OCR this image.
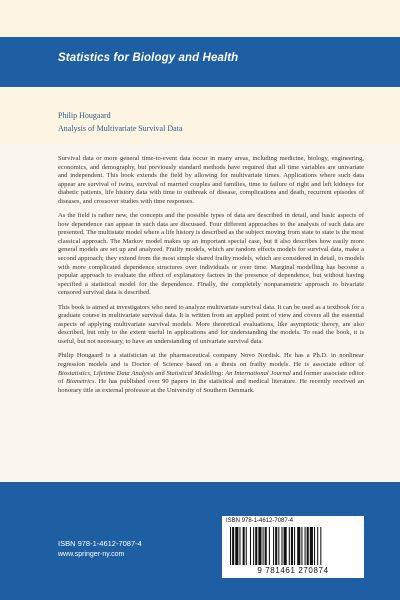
Statistics for Biology and Health
Philip Hougaard
Analysis of Multivariate Survival Data

Survival data or more general time-to-event data occur in many areas, including medicine, biology, engineering, economics, and demography, but previously standard methods have required that all time variables are univariate and independent. This book extends the field by allowing for multivariate times. Applications where such data appear are survival of twins, survival of married couples and families, time to failure of right and left kidneys for diabetic patients, life history data with time to outbreak of disease, complications and death, recurrent episodes of diseases, and crossover studies with time responses.

As the field is rather new, the concepts and the possible types of data are described in detail, and basic aspects of how dependence can appear in such data are discussed. Four different approaches to the analysis of such data are presented. The multistate model where a life history is described as the subject moving from state to state is the most classical approach. The Markov model makes up an important special case, but it also describes how easily more general models are set up and analyzed. Frailty models, which are random effects models for survival data, make a second approach; they extend from the most simple shared frailty models, which are considered in detail, to models with more complicated dependence structures over individuals or over time. Marginal modelling has become a popular approach to evaluate the effect of explanatory factors in the presence of dependence, but without having specified a statistical model for the dependence. Finally, the completely nonparametric approach to bivariate censored survival data is described.

This book is aimed at investigators who need to analyze multivariate survival data. It can be used as a textbook for a graduate course in multivariate survival data. It is written from an applied point of view and covers all the essential aspects of applying multivariate survival models. More theoretical evaluations, like asymptotic theory, are also described, but only to the extent useful in applications and for understanding the models. To read the book, it is useful, but not necessary, to have an understanding of univariate survival data.

Philip Hougaard is a statistician at the pharmaceutical company Novo Nordisk. He has a Ph.D. in nonlinear regression models and is Doctor of Science based on a thesis on frailty models. He is associate editor of Biostatistics, Lifetime Data Analysis and Statistical Modelling: An International Journal and former associate editor of Biometrics. He has published over 90 papers in the statistical and medical literature. He recently received an honorary title as external professor at the University of Southern Denmark.

ISBN 978-1-4612-7087-4
www.springer-ny.com
ISBN 978-1-4612-7087-4
9 781461 270874
